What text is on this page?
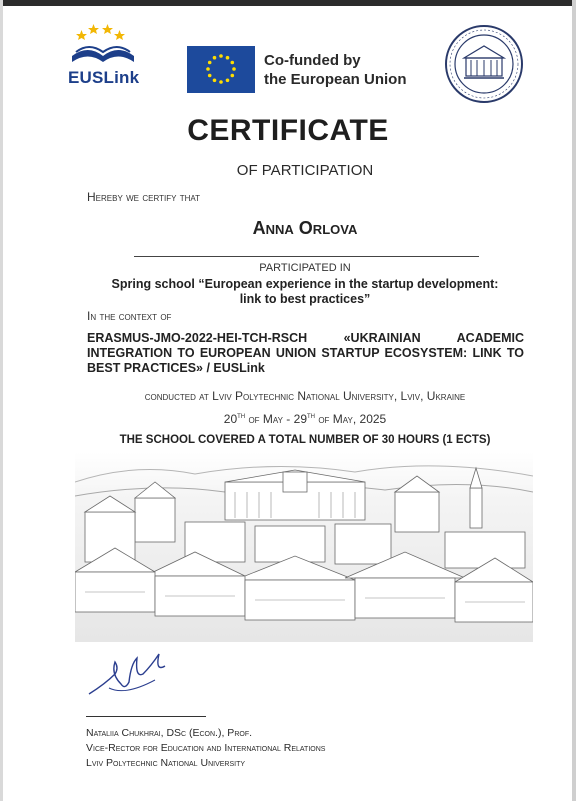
EUSLink
Co-funded by
the European Union
CERTIFICATE
OF PARTICIPATION
Hereby we certify that
Anna Orlova
PARTICIPATED IN
Spring school “European experience in the startup development:
link to best practices”
In the context of
ERASMUS-JMO-2022-HEI-TCH-RSCH «UKRAINIAN ACADEMIC INTEGRATION TO EUROPEAN UNION STARTUP ECOSYSTEM: LINK TO BEST PRACTICES» / EUSLink
conducted at Lviv Polytechnic National University, Lviv, Ukraine
20th of May - 29th of May, 2025
THE SCHOOL COVERED A TOTAL NUMBER OF 30 HOURS (1 ECTS)
Nataliia Chukhrai, DSc (Econ.), Prof.
Vice-Rector for Education and International Relations
Lviv Polytechnic National University
